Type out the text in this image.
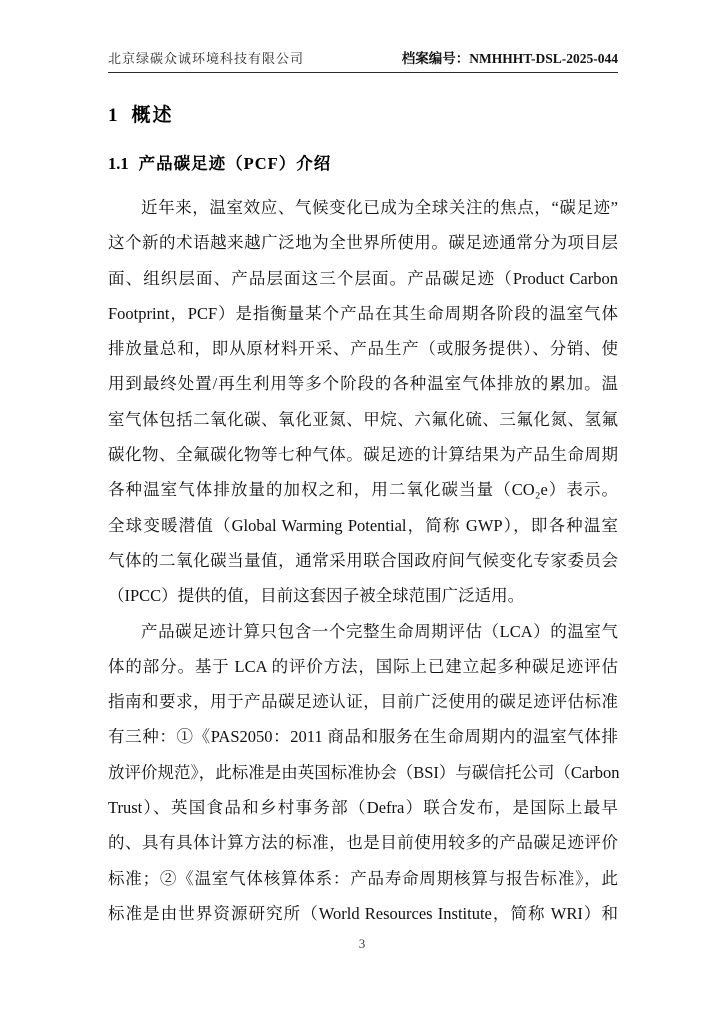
北京绿碳众诚环境科技有限公司	档案编号：NMHHHT-DSL-2025-044
1 概述
1.1 产品碳足迹（PCF）介绍
近年来，温室效应、气候变化已成为全球关注的焦点，“碳足迹”
这个新的术语越来越广泛地为全世界所使用。碳足迹通常分为项目层
面、组织层面、产品层面这三个层面。产品碳足迹（Product Carbon
Footprint，PCF）是指衡量某个产品在其生命周期各阶段的温室气体
排放量总和，即从原材料开采、产品生产（或服务提供）、分销、使
用到最终处置/再生利用等多个阶段的各种温室气体排放的累加。温
室气体包括二氧化碳、氧化亚氮、甲烷、六氟化硫、三氟化氮、氢氟
碳化物、全氟碳化物等七种气体。碳足迹的计算结果为产品生命周期
各种温室气体排放量的加权之和，用二氧化碳当量（CO₂e）表示。
全球变暖潜值（Global Warming Potential，简称 GWP），即各种温室
气体的二氧化碳当量值，通常采用联合国政府间气候变化专家委员会
（IPCC）提供的值，目前这套因子被全球范围广泛适用。
产品碳足迹计算只包含一个完整生命周期评估（LCA）的温室气
体的部分。基于 LCA 的评价方法，国际上已建立起多种碳足迹评估
指南和要求，用于产品碳足迹认证，目前广泛使用的碳足迹评估标准
有三种：①《PAS2050：2011 商品和服务在生命周期内的温室气体排
放评价规范》，此标准是由英国标准协会（BSI）与碳信托公司（Carbon
Trust）、英国食品和乡村事务部（Defra）联合发布，是国际上最早
的、具有具体计算方法的标准，也是目前使用较多的产品碳足迹评价
标准；②《温室气体核算体系：产品寿命周期核算与报告标准》，此
标准是由世界资源研究所（World Resources Institute，简称 WRI）和
3
